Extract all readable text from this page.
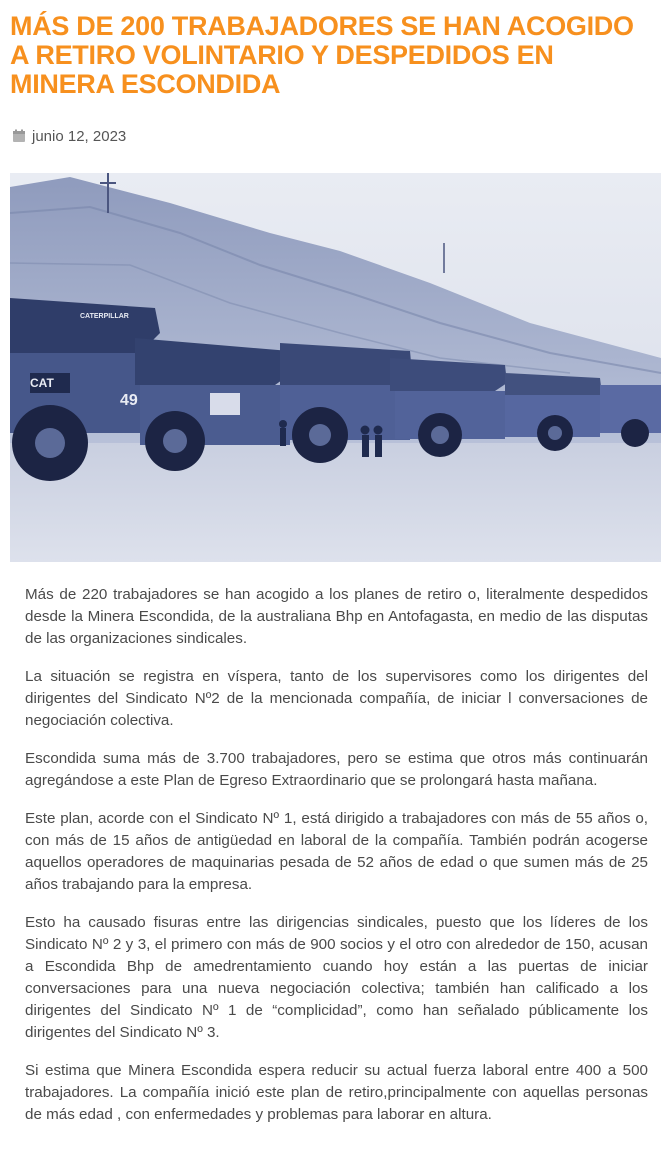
MÁS DE 200 TRABAJADORES SE HAN ACOGIDO A RETIRO VOLINTARIO Y DESPEDIDOS EN MINERA ESCONDIDA
junio 12, 2023
CAT
49
CATERPILLAR

Más de 220 trabajadores se han acogido a los planes de retiro o, literalmente despedidos desde la Minera Escondida, de la australiana Bhp en Antofagasta, en medio de las disputas de las organizaciones sindicales.

La situación se registra en víspera, tanto de los supervisores como los dirigentes del dirigentes del Sindicato Nº2 de la mencionada compañía, de iniciar l conversaciones de negociación colectiva.

Escondida suma más de 3.700 trabajadores, pero se estima que otros más continuarán agregándose a este Plan de Egreso Extraordinario que se prolongará hasta mañana.

Este plan, acorde con el Sindicato Nº 1, está dirigido a trabajadores con más de 55 años o, con más de 15 años de antigüedad en laboral de la compañía. También podrán acogerse aquellos operadores de maquinarias pesada de 52 años de edad o que sumen más de 25 años trabajando para la empresa.

Esto ha causado fisuras entre las dirigencias sindicales, puesto que los líderes de los Sindicato Nº 2 y 3, el primero con más de 900 socios y el otro con alrededor de 150, acusan a Escondida Bhp de amedrentamiento cuando hoy están a las puertas de iniciar conversaciones para una nueva negociación colectiva; también han calificado a los dirigentes del Sindicato Nº 1 de “complicidad”, como han señalado públicamente los dirigentes del Sindicato Nº 3.

Si estima que Minera Escondida espera reducir su actual fuerza laboral entre 400 a 500 trabajadores. La compañía inició este plan de retiro,principalmente con aquellas personas de más edad , con enfermedades y problemas para laborar en altura.
